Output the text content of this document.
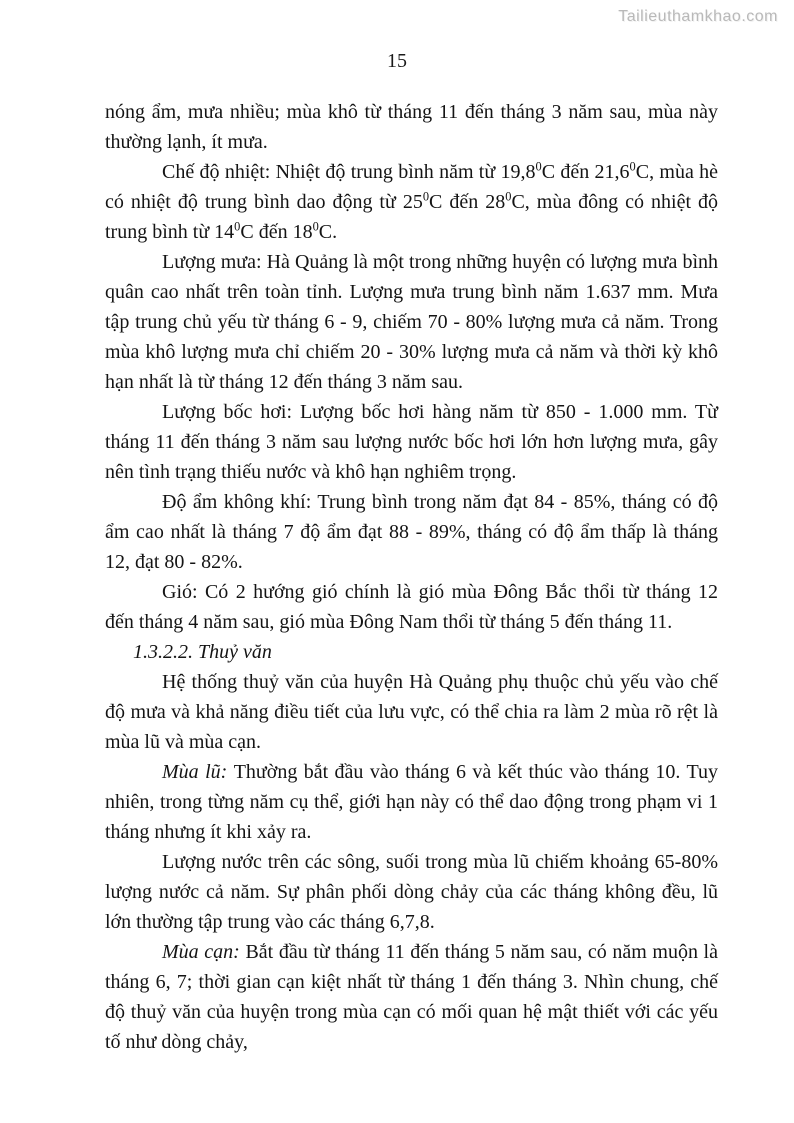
Tailieuthamkhao.com
15

nóng ẩm, mưa nhiều; mùa khô từ tháng 11 đến tháng 3 năm sau, mùa này thường lạnh, ít mưa.

Chế độ nhiệt: Nhiệt độ trung bình năm từ 19,8$^0$C đến 21,6$^0$C, mùa hè có nhiệt độ trung bình dao động từ $25^0C$ đến $28^0C$, mùa đông có nhiệt độ trung bình từ $14^0C$ đến $18^0C$.

Lượng mưa: Hà Quảng là một trong những huyện có lượng mưa bình quân cao nhất trên toàn tỉnh. Lượng mưa trung bình năm 1.637 mm. Mưa tập trung chủ yếu từ tháng 6 - 9, chiếm 70 - 80% lượng mưa cả năm. Trong mùa khô lượng mưa chỉ chiếm 20 - 30% lượng mưa cả năm và thời kỳ khô hạn nhất là từ tháng 12 đến tháng 3 năm sau.

Lượng bốc hơi: Lượng bốc hơi hàng năm từ 850 - 1.000 mm. Từ tháng 11 đến tháng 3 năm sau lượng nước bốc hơi lớn hơn lượng mưa, gây nên tình trạng thiếu nước và khô hạn nghiêm trọng.

Độ ẩm không khí: Trung bình trong năm đạt 84 - 85%, tháng có độ ẩm cao nhất là tháng 7 độ ẩm đạt 88 - 89%, tháng có độ ẩm thấp là tháng 12, đạt 80 - 82%.

Gió: Có 2 hướng gió chính là gió mùa Đông Bắc thổi từ tháng 12 đến tháng 4 năm sau, gió mùa Đông Nam thổi từ tháng 5 đến tháng 11.

1.3.2.2. Thuỷ văn

Hệ thống thuỷ văn của huyện Hà Quảng phụ thuộc chủ yếu vào chế độ mưa và khả năng điều tiết của lưu vực, có thể chia ra làm 2 mùa rõ rệt là mùa lũ và mùa cạn.

Mùa lũ: Thường bắt đầu vào tháng 6 và kết thúc vào tháng 10. Tuy nhiên, trong từng năm cụ thể, giới hạn này có thể dao động trong phạm vi 1 tháng nhưng ít khi xảy ra.

Lượng nước trên các sông, suối trong mùa lũ chiếm khoảng 65-80% lượng nước cả năm. Sự phân phối dòng chảy của các tháng không đều, lũ lớn thường tập trung vào các tháng 6,7,8.

Mùa cạn: Bắt đầu từ tháng 11 đến tháng 5 năm sau, có năm muộn là tháng 6, 7; thời gian cạn kiệt nhất từ tháng 1 đến tháng 3. Nhìn chung, chế độ thuỷ văn của huyện trong mùa cạn có mối quan hệ mật thiết với các yếu tố như dòng chảy,
